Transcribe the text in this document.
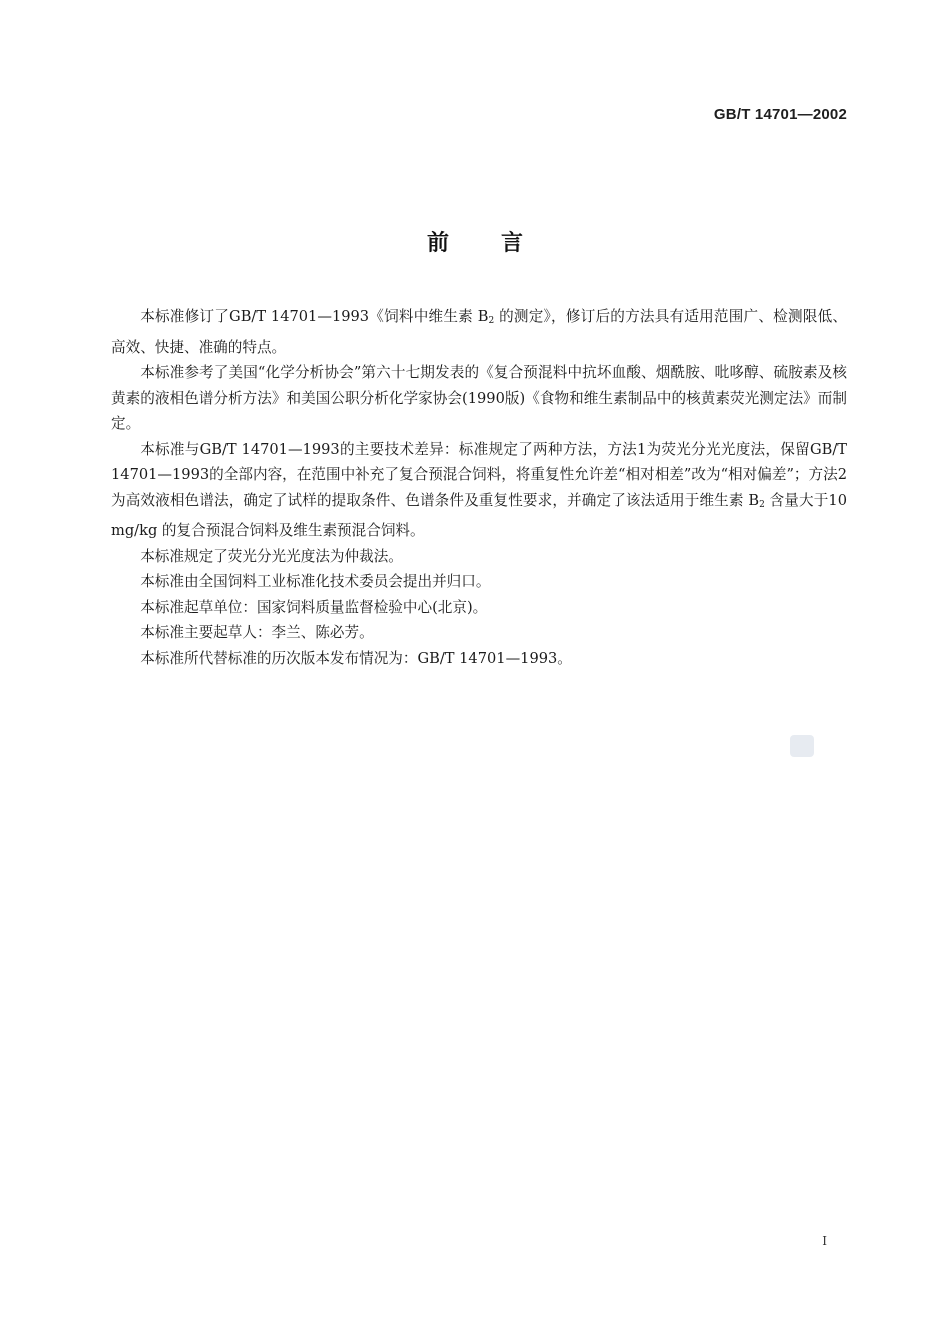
GB/T 14701—2002
前言

本标准修订了GB/T 14701—1993《饲料中维生素 $B_2$ 的测定》，修订后的方法具有适用范围广、检测限低、高效、快捷、准确的特点。

本标准参考了美国“化学分析协会”第六十七期发表的《复合预混料中抗坏血酸、烟酰胺、吡哆醇、硫胺素及核黄素的液相色谱分析方法》和美国公职分析化学家协会(1990版)《食物和维生素制品中的核黄素荧光测定法》而制定。

本标准与GB/T 14701—1993的主要技术差异：标准规定了两种方法，方法1为荧光分光光度法，保留GB/T 14701—1993的全部内容，在范围中补充了复合预混合饲料，将重复性允许差“相对相差”改为“相对偏差”；方法2为高效液相色谱法，确定了试样的提取条件、色谱条件及重复性要求，并确定了该法适用于维生素 $B_2$ 含量大于10 mg/kg 的复合预混合饲料及维生素预混合饲料。

本标准规定了荧光分光光度法为仲裁法。

本标准由全国饲料工业标准化技术委员会提出并归口。

本标准起草单位：国家饲料质量监督检验中心(北京)。

本标准主要起草人：李兰、陈必芳。

本标准所代替标准的历次版本发布情况为：GB/T 14701—1993。

I
